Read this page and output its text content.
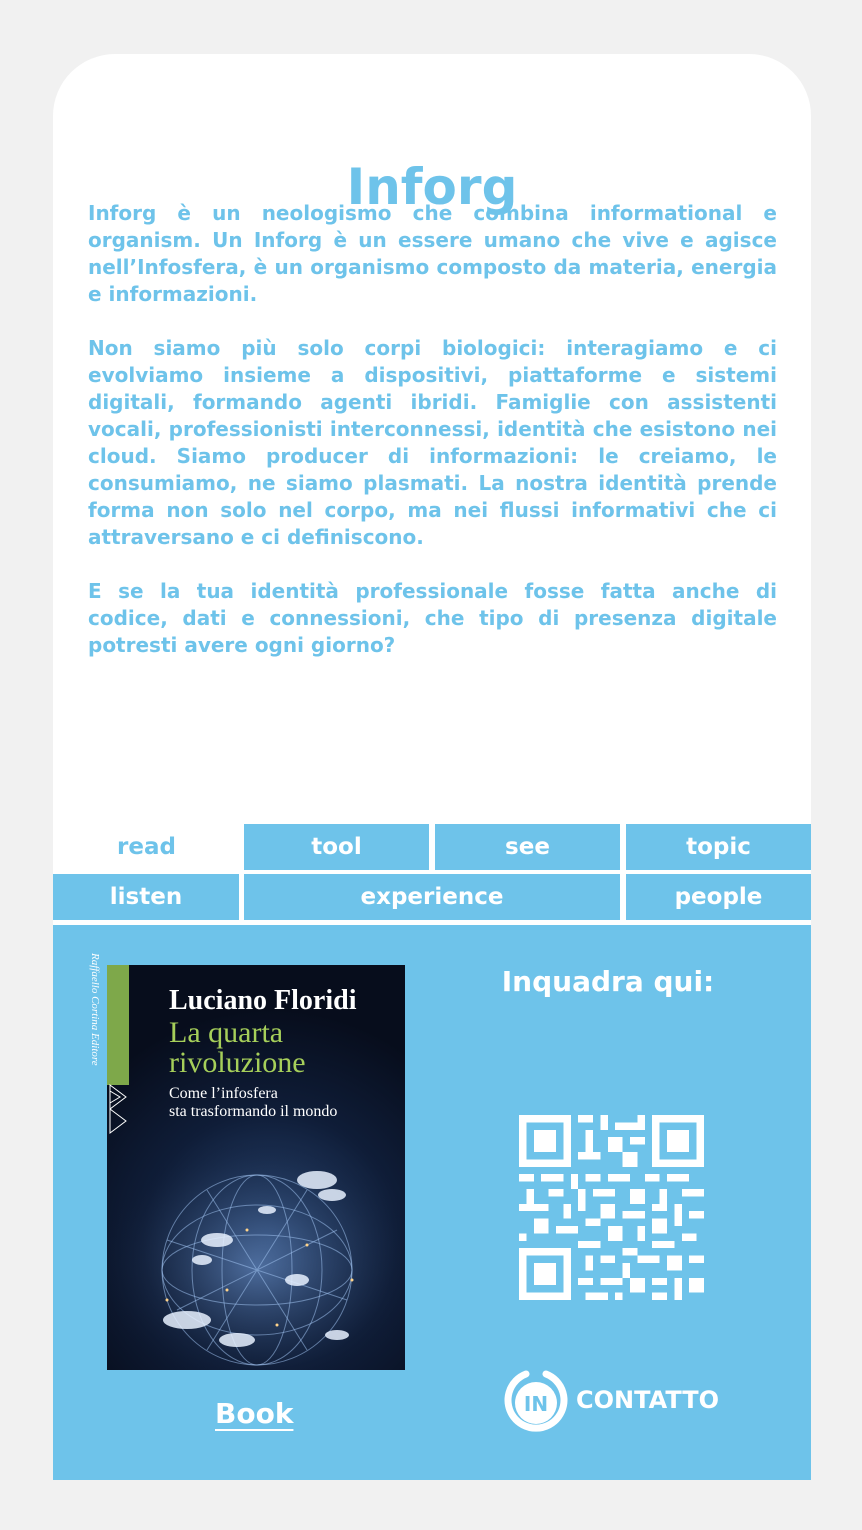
Inforg

Inforg è un neologismo che combina informational e organism. Un Inforg è un essere umano che vive e agisce nell’Infosfera, è un organismo composto da materia, energia e informazioni.

Non siamo più solo corpi biologici: interagiamo e ci evolviamo insieme a dispositivi, piattaforme e sistemi digitali, formando agenti ibridi. Famiglie con assistenti vocali, professionisti interconnessi, identità che esistono nei cloud. Siamo producer di informazioni: le creiamo, le consumiamo, ne siamo plasmati. La nostra identità prende forma non solo nel corpo, ma nei flussi informativi che ci attraversano e ci definiscono.

E se la tua identità professionale fosse fatta anche di codice, dati e connessioni, che tipo di presenza digitale potresti avere ogni giorno?

read	tool	see	topic
listen	experience	people
Raffaello Cortina Editore Luciano Floridi
La quarta
rivoluzione
Come l’infosfera
sta trasformando il mondo
Book
Inquadra qui:
IN CONTATTO
